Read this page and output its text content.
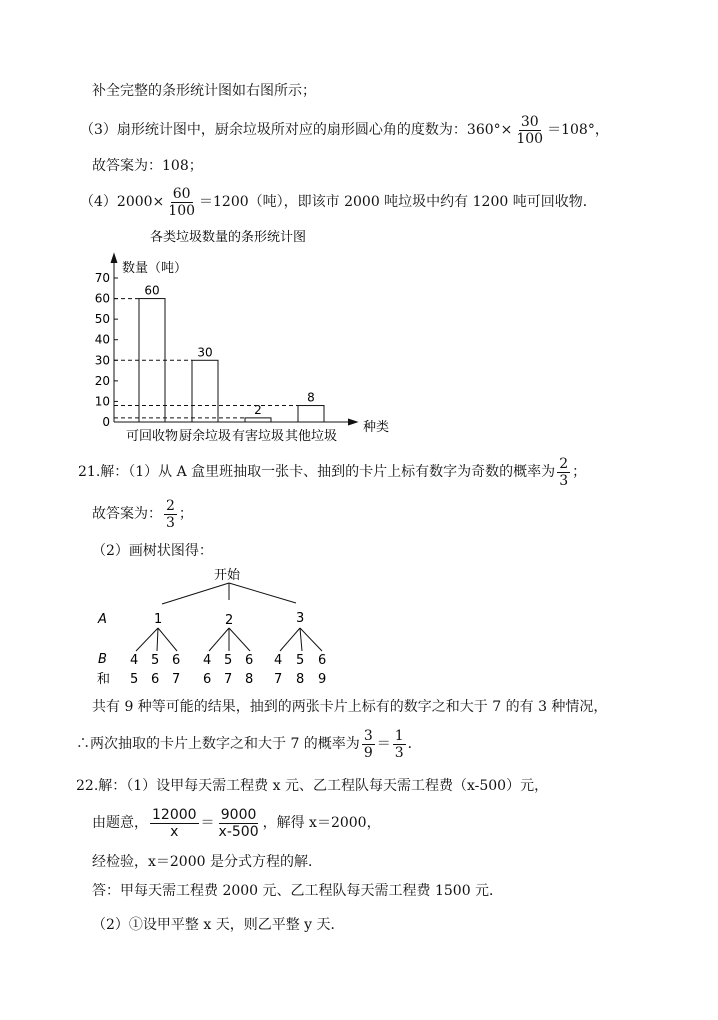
补全完整的条形统计图如右图所示；
（3）扇形统计图中，厨余垃圾所对应的扇形圆心角的度数为：$360^\circ\times \frac{30}{100} =108^\circ$，
故答案为：108；
$(4)2000\times \frac{60}{100} =1200$（吨），即该市 2000 吨垃圾中约有 1200 吨可回收物．
各类垃圾数量的条形统计图
数量（吨）
种类
0
10
20
30
40
50
60
70
60
可回收物
30
厨余垃圾
2
有害垃圾
8
其他垃圾
21.解：（1）从 A 盒里班抽取一张卡、抽到的卡片上标有数字为奇数的概率为 $\frac{2}{3}$ ；
故答案为： $\frac{2}{3}$ ；
（2）画树状图得：
开始
A
B
和
1	2	3
4 5 6 4 5 6 4 5 6
5 6 7 6 7 8 7 8 9
共有 9 种等可能的结果，抽到的两张卡片上标有的数字之和大于 7 的有 3 种情况，
∴两次抽取的卡片上数字之和大于 7 的概率为 $\frac{3}{9} = \frac{1}{3}$ ．
22.解：（1）设甲每天需工程费 x 元、乙工程队每天需工程费（x-500）元，
由题意， $\frac{12000}{x} = \frac{9000}{x-500}$ ，解得 x＝2000，
经检验，x＝2000 是分式方程的解．
答：甲每天需工程费 2000 元、乙工程队每天需工程费 1500 元．
（2）①设甲平整 x 天，则乙平整 y 天．
